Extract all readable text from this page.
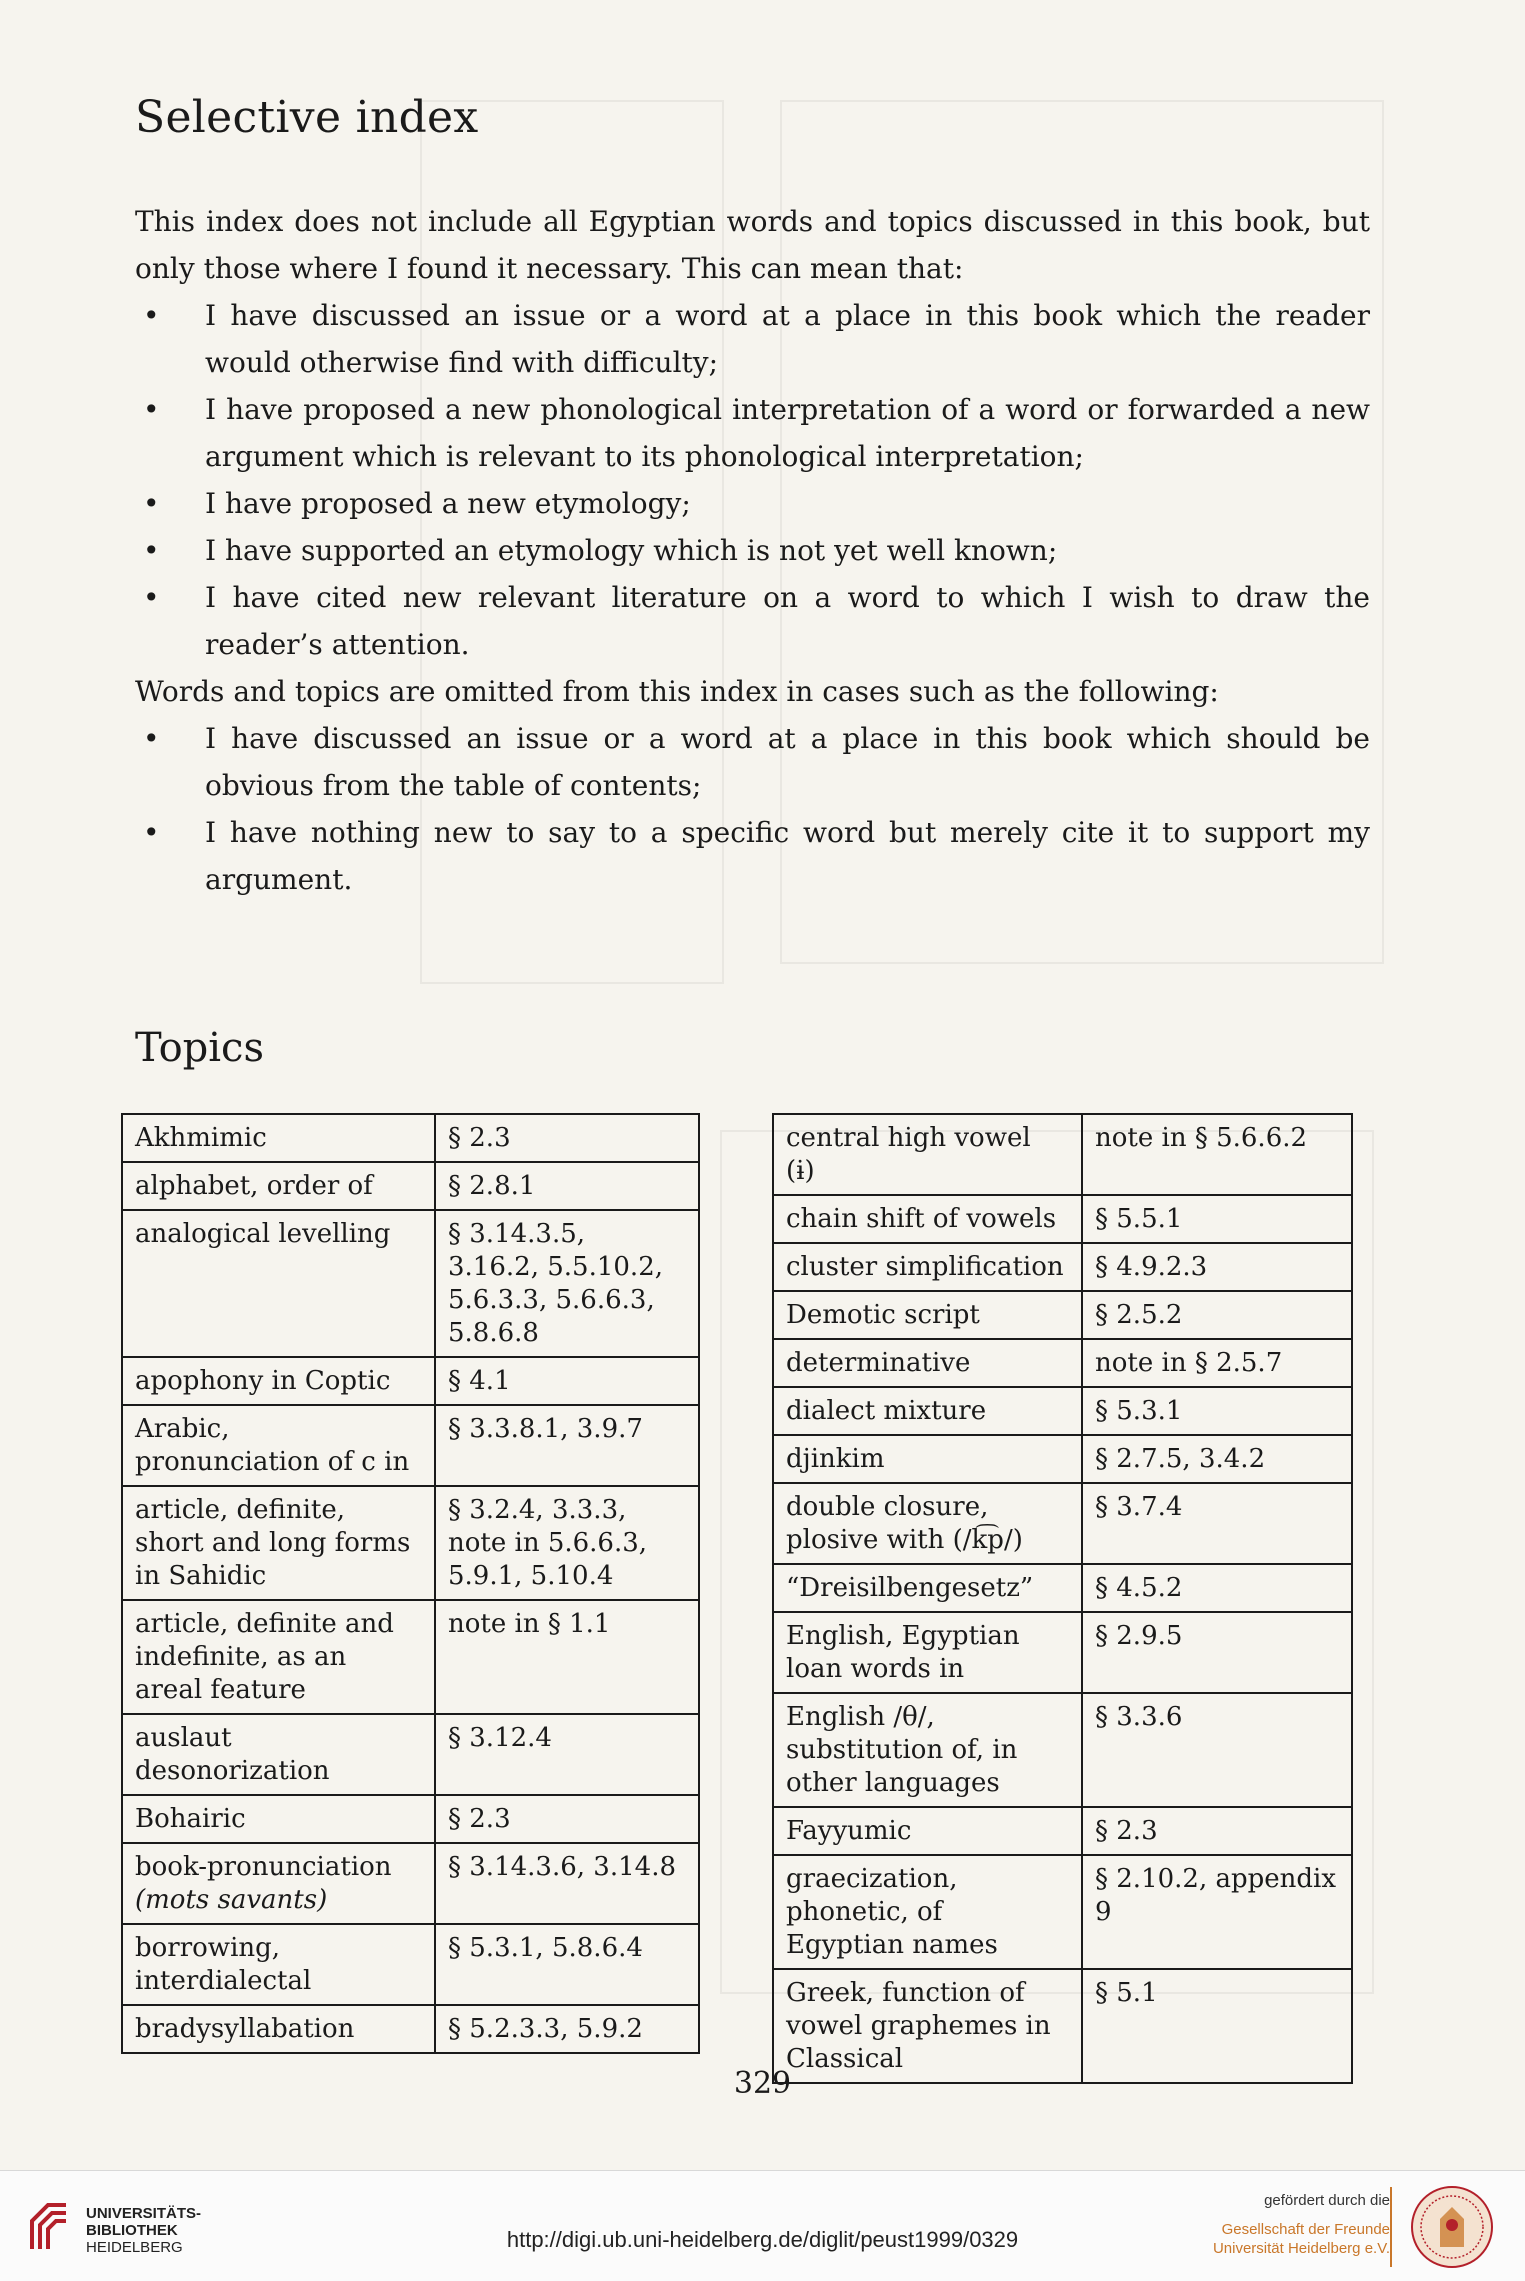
Selective index

This index does not include all Egyptian words and topics discussed in this book, but only those where I found it necessary. This can mean that:

• I have discussed an issue or a word at a place in this book which the reader would otherwise find with difficulty;
• I have proposed a new phonological interpretation of a word or forwarded a new argument which is relevant to its phonological interpretation;
• I have proposed a new etymology;
• I have supported an etymology which is not yet well known;
• I have cited new relevant literature on a word to which I wish to draw the reader’s attention.

Words and topics are omitted from this index in cases such as the following:

• I have discussed an issue or a word at a place in this book which should be obvious from the table of contents;
• I have nothing new to say to a specific word but merely cite it to support my argument.
Topics
Akhmimic	§ 2.3
alphabet, order of	§ 2.8.1
analogical levelling	§ 3.14.3.5, 3.16.2, 5.5.10.2, 5.6.3.3, 5.6.6.3, 5.8.6.8
apophony in Coptic	§ 4.1
Arabic, pronunciation of ϲ in	§ 3.3.8.1, 3.9.7
article, definite, short and long forms in Sahidic	§ 3.2.4, 3.3.3, note in 5.6.6.3, 5.9.1, 5.10.4
article, definite and indefinite, as an areal feature	note in § 1.1
auslaut desonorization	§ 3.12.4
Bohairic	§ 2.3
book-pronunciation
(mots savants)	§ 3.14.3.6, 3.14.8
borrowing, interdialectal	§ 5.3.1, 5.8.6.4
bradysyllabation	§ 5.2.3.3, 5.9.2
central high vowel (ɨ)	note in § 5.6.6.2
chain shift of vowels	§ 5.5.1
cluster simplification	§ 4.9.2.3
Demotic script	§ 2.5.2
determinative	note in § 2.5.7
dialect mixture	§ 5.3.1
djinkim	§ 2.7.5, 3.4.2
double closure, plosive with (/k͡p/)	§ 3.7.4
“Dreisilbengesetz”	§ 4.5.2
English, Egyptian loan words in	§ 2.9.5
English /θ/, substitution of, in other languages	§ 3.3.6
Fayyumic	§ 2.3
graecization, phonetic, of Egyptian names	§ 2.10.2, appendix 9
Greek, function of vowel graphemes in Classical	§ 5.1
329
UNIVERSITÄTS-
BIBLIOTHEK
HEIDELBERG	http://digi.ub.uni-heidelberg.de/diglit/peust1999/0329
gefördert durch die
Gesellschaft der Freunde
Universität Heidelberg e.V.
